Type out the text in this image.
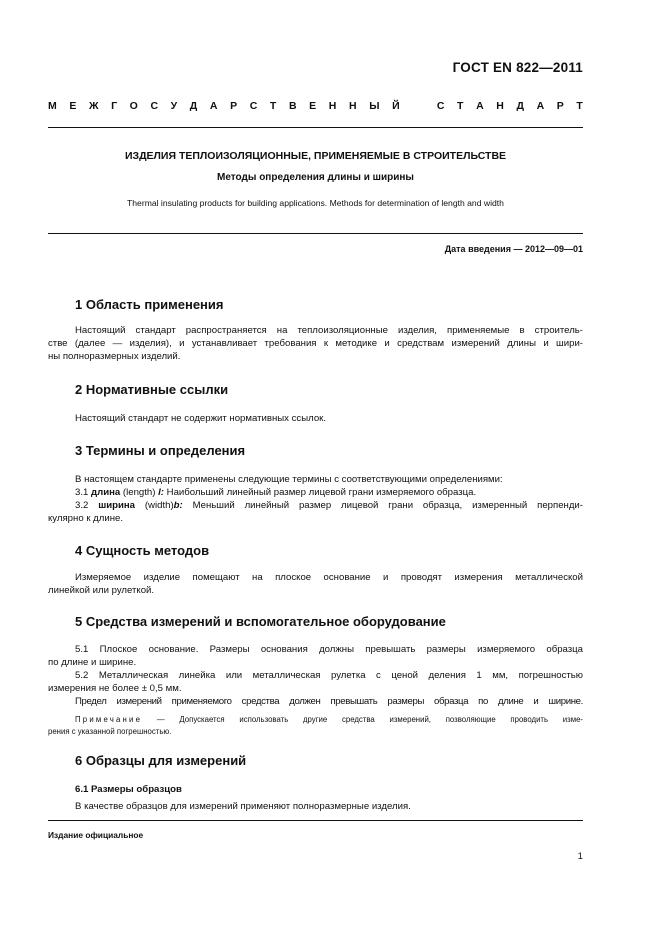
ГОСТ EN 822—2011
М Е Ж Г О С У Д А Р С Т В Е Н Н Ы Й
	С Т А Н Д А Р Т
ИЗДЕЛИЯ ТЕПЛОИЗОЛЯЦИОННЫЕ, ПРИМЕНЯЕМЫЕ В СТРОИТЕЛЬСТВЕ
Методы определения длины и ширины
Thermal insulating products for building applications. Methods for determination of length and width
Дата введения — 2012—09—01
1 Область применения
Настоящий стандарт распространяется на теплоизоляционные изделия, применяемые в строитель-
стве (далее — изделия), и устанавливает требования к методике и средствам измерений длины и шири-
ны полноразмерных изделий.
2 Нормативные ссылки
Настоящий стандарт не содержит нормативных ссылок.
3 Термины и определения
В настоящем стандарте применены следующие термины с соответствующими определениями:
3.1 длина (length) l: Наибольший линейный размер лицевой грани измеряемого образца.
3.2 ширина (width)b: Меньший линейный размер лицевой грани образца, измеренный перпенди-
кулярно к длине.
4 Сущность методов
Измеряемое изделие помещают на плоское основание и проводят измерения металлической
линейкой или рулеткой.
5 Средства измерений и вспомогательное оборудование
5.1 Плоское основание. Размеры основания должны превышать размеры измеряемого образца
по длине и ширине.
5.2 Металлическая линейка или металлическая рулетка с ценой деления 1 мм, погрешностью
измерения не более ± 0,5 мм.
Предел измерений применяемого средства должен превышать размеры образца по длине и ширине.
Примечание — Допускается использовать другие средства измерений, позволяющие проводить изме-
рения с указанной погрешностью.
6 Образцы для измерений
6.1 Размеры образцов
В качестве образцов для измерений применяют полноразмерные изделия.
Издание официальное
1
